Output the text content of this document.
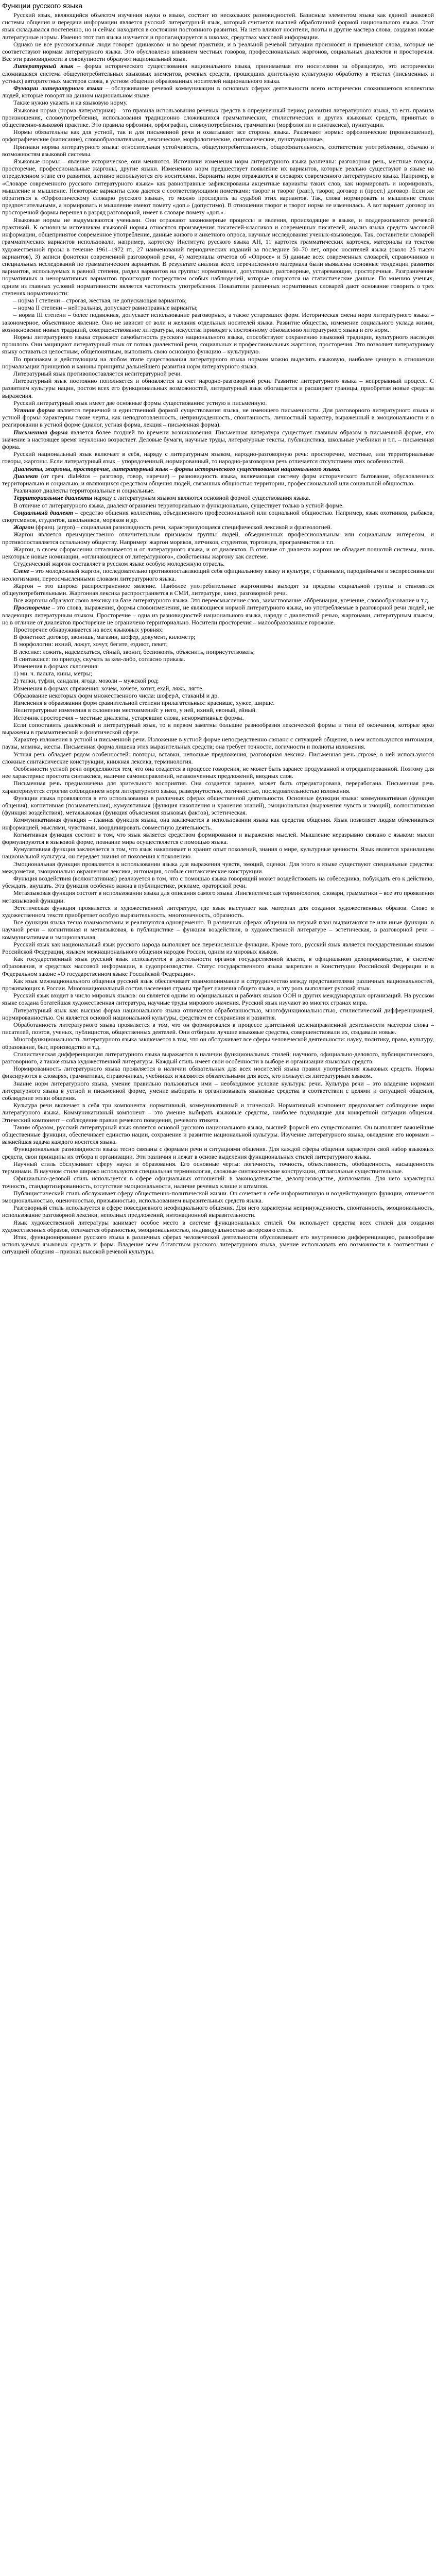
Функции русского языка

Русский язык, являющийся объектом изучения науки о языке, состоит из нескольких разновидностей. Базисным элементом языка как единой знаковой системы общения и передачи информации является русский литературный язык, который считается высшей обработанной формой национального языка. Этот язык складывался постепенно, но и сейчас находится в состоянии постоянного развития. На него влияют носители, поэты и другие мастера слова, создавая новые литературные нормы. Именно этот тип языка изучается и пропагандируется в школах, средствах массовой информации.

Однако не все русскоязычные люди говорят одинаково: и во время практики, и в реальной речевой ситуации произносят и применяют слова, которые не соответствуют нормам литературного языка. Это обусловлено влиянием местных говоров, профессиональных жаргонов, социальных диалектов и просторечия. Все эти разновидности в совокупности образуют национальный язык.

Литературный язык – форма исторического существования национального языка, принимаемая его носителями за образцовую, это исторически сложившаяся система общеупотребительных языковых элементов, речевых средств, прошедших длительную культурную обработку в текстах (письменных и устных) авторитетных мастеров слова, в устном общении образованных носителей национального языка.

Функции литературного языка – обслуживание речевой коммуникации в основных сферах деятельности всего исторически сложившегося коллектива людей, которые говорят на данном национальном языке.

Также нужно указать и на языковую норму.

Языковая норма (норма литературная) – это правила использования речевых средств в определенный период развития литературного языка, то есть правила произношения, словоупотребления, использования традиционно сложившихся грамматических, стилистических и других языковых средств, принятых в общественно-языковой практике. Это правила орфоэпии, орфографии, словоупотребления, грамматики (морфологии и синтаксиса), пунктуации.

Нормы обязательны как для устной, так и для письменной речи и охватывают все стороны языка. Различают нормы: орфоэпические (произношение), орфографические (написание), словообразовательные, лексические, морфологические, синтаксические, пунктуационные.

Признаки нормы литературного языка: относительная устойчивость, общеупотребительность, общеобязательность, соответствие употреблению, обычаю и возможностям языковой системы.

Языковые нормы – явление историческое, они меняются. Источники изменения норм литературного языка различны: разговорная речь, местные говоры, просторечие, профессиональные жаргоны, другие языки. Изменению норм предшествует появление их вариантов, которые реально существуют в языке на определенном этапе его развития, активно используются его носителями. Варианты норм отражаются в словарях современного литературного языка. Например, в «Словаре современного русского литературного языка» как равноправные зафиксированы акцентные варианты таких слов, как нормировать и нормировать, мышление и мышление. Некоторые варианты слов даются с соответствующими пометками: творог и творог (разг.), творог, договор и (прост.) договор. Если же обратиться к «Орфоэпическому словарю русского языка», то можно проследить за судьбой этих вариантов. Так, слова нормировать и мышление стали предпочтительными, а нормировать и мышление имеют помету «доп.» (допустимо). В отношении творог и творог норма не изменилась. А вот вариант договор из просторечной формы перешел в разряд разговорной, имеет в словаре помету «доп.».

Языковые нормы не выдумываются учеными. Они отражают закономерные процессы и явления, происходящие в языке, и поддерживаются речевой практикой. К основным источникам языковой нормы относятся произведения писателей-классиков и современных писателей, анализ языка средств массовой информации, общепринятое современное употребление, данные живого и анкетного опроса, научные исследования ученых-языковедов. Так, составители словарей грамматических вариантов использовали, например, картотеку Института русского языка АН, 11 картотек грамматических карточек, материалы из текстов художественной прозы в течение 1961–1972 гг., 27 наименований периодических изданий за последние 50–70 лет, опрос носителей языка (около 25 тысяч вариантов), 3) записи фонотеки современной разговорной речи, 4) материалы отчетов об «Опросе» и 5) данные всех современных словарей, справочников и специальных исследований по грамматическим вариантам. В результате анализа всего перечисленного материала были выявлены основные тенденции развития вариантов, используемых в равной степени, раздел вариантов на группы: нормативные, допустимые, разговорные, устаревающие, просторечные. Разграничение нормативных и ненормативных вариантов происходит посредством особых наблюдений, которые опираются на статистические данные. По мнению ученых, одним из главных условий нормативности является частотность употребления. Показатели различных нормативных словарей дают основание говорить о трех степенях нормативности:

– норма I степени – строгая, жесткая, не допускающая вариантов;

– норма II степени – нейтральная, допускает равноправные варианты;

– норма III степени – более подвижная, допускает использование разговорных, а также устаревших форм. Историческая смена норм литературного языка – закономерное, объективное явление. Оно не зависит от воли и желания отдельных носителей языка. Развитие общества, изменение социального уклада жизни, возникновение новых традиций, совершенствование литературы, искусства приводят к постоянному обновлению литературного языка и его норм.

Нормы литературного языка отражают самобытность русского национального языка, способствуют сохранению языковой традиции, культурного наследия прошлого. Они защищают литературный язык от потока диалектной речи, социальных и профессиональных жаргонов, просторечия. Это позволяет литературному языку оставаться целостным, общепонятным, выполнять свою основную функцию – культурную.

По признакам и действующим на любом этапе существования литературного языка нормам можно выделить языковую, наиболее ценную в отношении нормализации принципов и каноны принципы дальнейшего развития норм литературного языка.

Литературный язык противопоставляется нелитературной речи.

Литературный язык постоянно пополняется и обновляется за счет народно-разговорной речи. Развитие литературного языка – непрерывный процесс. С развитием культуры нации, ростом всех его функциональных возможностей, литературный язык обогащается и расширяет границы, приобретая новые средства выражения.

Русский литературный язык имеет две основные формы существования: устную и письменную.

Устная форма является первичной и единственной формой существования языка, не имеющего письменности. Для разговорного литературного языка и устной формы характерны такие черты, как неподготовленность, непринужденность, спонтанность, личностный характер, выраженный в эмоциональности и в реагировании в устной форме (диалог, устная форма, лекция – письменная форма).

Письменная форма является более поздней по времени возникновения. Письменная литература существует главным образом в письменной форме, его значение в настоящее время неуклонно возрастает. Деловые бумаги, научные труды, литературные тексты, публицистика, школьные учебники и т.п. – письменная форма.

Русский национальный язык включает в себя, наряду с литературным языком, народно-разговорную речь: просторечие, местные, или территориальные говоры, жаргоны. Если литературный язык – упорядоченный, нормированный, то народно-разговорная речь отличается отсутствием этих особенностей.

Диалекты, жаргоны, просторечие, литературный язык – формы исторического существования национального языка.

Диалект (от греч. dialektos – разговор, говор, наречие) – разновидность языка, включающая систему форм исторического бытования, обусловленных территориально и социально, и являющихся средством общения людей, связанных общностью территории, профессиональной или социальной общностью.

Различают диалекты территориальные и социальные.

Территориальные диалекты наряду с литературным языком являются основной формой существования языка.

В отличие от литературного языка, диалект ограничен территориально и функционально, существует только в устной форме.

Социальный диалект – средство общения коллектива, объединенного профессиональной или социальной общностью. Например, язык охотников, рыбаков, спортсменов, студентов, школьников, моряков и др.

Жаргон (франц. jargon) – социальная разновидность речи, характеризующаяся специфической лексикой и фразеологией.

Жаргон является преимущественно отличительным признаком группы людей, объединенных профессиональным или социальным интересом, и противопоставляется остальному обществу. Например: жаргон моряков, летчиков, студентов, торговцев, программистов и т.п.

Жаргон, в своем оформлении отталкивается и от литературного языка, и от диалектов. В отличие от диалекта жаргон не обладает полнотой системы, лишь некоторые новые номинации, «отличающиеся от литературного», свойственны жаргону как системе.

Студенческий жаргон составляет в русском языке особую молодежную отрасль.

Сленг – это молодежный жаргон, последовательно противопоставляющий себя официальному языку и культуре, с бранными, пародийными и экспрессивными неологизмами, переосмысленными словами литературного языка.

Жаргон – это широко распространенное явление. Наиболее употребительные жаргонизмы выходят за пределы социальной группы и становятся общеупотребительными. Жаргонная лексика распространяется в СМИ, литературе, кино, разговорной речи.

Все жаргоны образуют свою лексику на базе литературного языка. Это переосмысление слов, заимствование, аббревиация, усечение, словообразование и т.д.

Просторечие – это слова, выражения, формы словоизменения, не являющиеся нормой литературного языка, но употребляемые в разговорной речи людей, не владеющих литературным языком. Просторечие – одна из разновидностей национального языка, наряду с диалектной речью, жаргонами, литературным языком, но в отличие от диалектов просторечие не ограничено территориально. Носители просторечия – малообразованные горожане.

Просторечие обнаруживается на всех языковых уровнях:

В фонетике: договор, звонишь, магазин, шофер, документ, километр;

В морфологии: ихний, ложут, хочут, бегите, ездиют, пекет;

В лексике: ложить, надсмехаться, ейный, звонит, беспокоить, объяснить, поприсутствовать;

В синтаксисе: по приезду, скучать за кем-либо, согласно приказа.

Изменения в формах склонения:

1) мн. ч. пальта, кины, метры;

2) тапки, туфли, сандали, ягода, мозоли – мужской род;

Изменения в формах спряжения: хочем, хочете, хотит, ехай, ляжь, лягте.

Образование некоторых форм множественного числа: шоферА, стаканЫ и др.

Изменения в образовании форм сравнительной степени прилагательных: красивше, хужее, ширше.

Нелитературные изменения в склонении местоимений: у него, у ней, ихний, евоный, ейный.

Источник просторечия – местные диалекты, устаревшие слова, ненормативные формы.

Если сопоставить диалектный и литературный язык, то в первом заметны большие разнообразия лексической формы и типа её окончания, которые ярко выражены в грамматической и фонетической сфере.

Характер изложения в устной и письменной речи. Изложение в устной форме непосредственно связано с ситуацией общения, в нем используются интонация, паузы, мимика, жесты. Письменная форма лишена этих выразительных средств; она требует точности, логичности и полноты изложения.

Устная речь обладает рядом особенностей: повторы, вставки, неполные предложения, разговорная лексика. Письменная речь строже, в ней используются сложные синтаксические конструкции, книжная лексика, терминология.

Особенности устной речи определяются тем, что она создается в процессе говорения, не может быть заранее продуманной и отредактированной. Поэтому для нее характерны: простота синтаксиса, наличие самоисправлений, незаконченных предложений, вводных слов.

Письменная речь предназначена для зрительного восприятия. Она создается заранее, может быть отредактирована, переработана. Письменная речь характеризуется строгим соблюдением норм литературного языка, развернутостью, логичностью, последовательностью изложения.

Функции языка проявляются в его использовании в различных сферах общественной деятельности. Основные функции языка: коммуникативная (функция общения), когнитивная (познавательная), кумулятивная (функция накопления и хранения знаний), эмоциональная (выражения чувств и эмоций), волюнтативная (функция воздействия), метаязыковая (функция объяснения языковых фактов), эстетическая.

Коммуникативная функция – главная функция языка, она заключается в использовании языка как средства общения. Язык позволяет людям обмениваться информацией, мыслями, чувствами, координировать совместную деятельность.

Когнитивная функция состоит в том, что язык является средством формирования и выражения мыслей. Мышление неразрывно связано с языком: мысли формулируются в языковой форме, познание мира осуществляется с помощью языка.

Кумулятивная функция заключается в том, что язык накапливает и хранит опыт поколений, знания о мире, культурные ценности. Язык является хранилищем национальной культуры, он передает знания от поколения к поколению.

Эмоциональная функция проявляется в использовании языка для выражения чувств, эмоций, оценки. Для этого в языке существуют специальные средства: междометия, эмоционально окрашенная лексика, интонация, особые синтаксические конструкции.

Функция воздействия (волюнтативная) реализуется в том, что с помощью языка говорящий может воздействовать на собеседника, побуждать его к действию, убеждать, внушать. Эта функция особенно важна в публицистике, рекламе, ораторской речи.

Метаязыковая функция состоит в использовании языка для описания самого языка. Лингвистическая терминология, словари, грамматики – все это проявления метаязыковой функции.

Эстетическая функция проявляется в художественной литературе, где язык выступает как материал для создания художественных образов. Слово в художественном тексте приобретает особую выразительность, многозначность, образность.

Все функции языка тесно взаимосвязаны и реализуются одновременно. В различных сферах общения на первый план выдвигаются те или иные функции: в научной речи – когнитивная и метаязыковая, в публицистике – функция воздействия, в художественной литературе – эстетическая, в разговорной речи – коммуникативная и эмоциональная.

Русский язык как национальный язык русского народа выполняет все перечисленные функции. Кроме того, русский язык является государственным языком Российской Федерации, языком межнационального общения народов России, одним из мировых языков.

Как государственный язык русский язык используется в деятельности органов государственной власти, в официальном делопроизводстве, в системе образования, в средствах массовой информации, в судопроизводстве. Статус государственного языка закреплен в Конституции Российской Федерации и в Федеральном законе «О государственном языке Российской Федерации».

Как язык межнационального общения русский язык обеспечивает взаимопонимание и сотрудничество между представителями различных национальностей, проживающих в России. Многонациональный состав населения страны требует наличия общего языка, и эту роль выполняет русский язык.

Русский язык входит в число мировых языков: он является одним из официальных и рабочих языков ООН и других международных организаций. На русском языке создана богатейшая художественная литература, научные труды мирового значения. Русский язык изучают во многих странах мира.

Литературный язык как высшая форма национального языка отличается обработанностью, многофункциональностью, стилистической дифференциацией, нормированностью. Он является основой национальной культуры, средством ее сохранения и развития.

Обработанность литературного языка проявляется в том, что он формировался в процессе длительной целенаправленной деятельности мастеров слова – писателей, поэтов, ученых, публицистов, общественных деятелей. Они отбирали лучшие языковые средства, совершенствовали их, создавали новые.

Многофункциональность литературного языка заключается в том, что он обслуживает все сферы человеческой деятельности: науку, политику, право, культуру, образование, быт, производство и т.д.

Стилистическая дифференциация литературного языка выражается в наличии функциональных стилей: научного, официально-делового, публицистического, разговорного, а также языка художественной литературы. Каждый стиль имеет свои особенности в выборе и организации языковых средств.

Нормированность литературного языка проявляется в наличии обязательных для всех носителей языка правил употребления языковых средств. Нормы фиксируются в словарях, грамматиках, справочниках, учебниках и являются обязательными для всех, кто пользуется литературным языком.

Знание норм литературного языка, умение правильно пользоваться ими – необходимое условие культуры речи. Культура речи – это владение нормами литературного языка в устной и письменной форме, умение выбирать и организовывать языковые средства в соответствии с целями и ситуацией общения, соблюдение этики общения.

Культура речи включает в себя три компонента: нормативный, коммуникативный и этический. Нормативный компонент предполагает соблюдение норм литературного языка. Коммуникативный компонент – это умение выбирать языковые средства, наиболее подходящие для конкретной ситуации общения. Этический компонент – соблюдение правил речевого поведения, речевого этикета.

Таким образом, русский литературный язык является основой русского национального языка, высшей формой его существования. Он выполняет важнейшие общественные функции, обеспечивает единство нации, сохранение и развитие национальной культуры. Изучение литературного языка, овладение его нормами – важнейшая задача каждого носителя языка.

Функциональные разновидности языка тесно связаны с формами речи и ситуациями общения. Для каждой сферы общения характерен свой набор языковых средств, свои принципы их отбора и организации. Эти различия и лежат в основе выделения функциональных стилей литературного языка.

Научный стиль обслуживает сферу науки и образования. Его основные черты: логичность, точность, объективность, обобщенность, насыщенность терминами. В научном стиле широко используются специальная терминология, сложные синтаксические конструкции, отглагольные существительные.

Официально-деловой стиль используется в сфере официальных отношений: в законодательстве, делопроизводстве, дипломатии. Для него характерны точность, стандартизированность, отсутствие эмоциональности, наличие речевых клише и штампов.

Публицистический стиль обслуживает сферу общественно-политической жизни. Он сочетает в себе информативную и воздействующую функции, отличается эмоциональностью, оценочностью, призывностью, использованием выразительных средств языка.

Разговорный стиль используется в сфере повседневного неофициального общения. Для него характерны непринужденность, спонтанность, эмоциональность, использование разговорной лексики, неполных предложений, интонационной выразительности.

Язык художественной литературы занимает особое место в системе функциональных стилей. Он использует средства всех стилей для создания художественных образов, отличается образностью, эмоциональностью, индивидуальностью авторского стиля.

Итак, функционирование русского языка в различных сферах человеческой деятельности обусловливает его внутреннюю дифференциацию, разнообразие используемых языковых средств и форм. Владение всем богатством русского литературного языка, умение использовать его возможности в соответствии с ситуацией общения – признак высокой речевой культуры.
